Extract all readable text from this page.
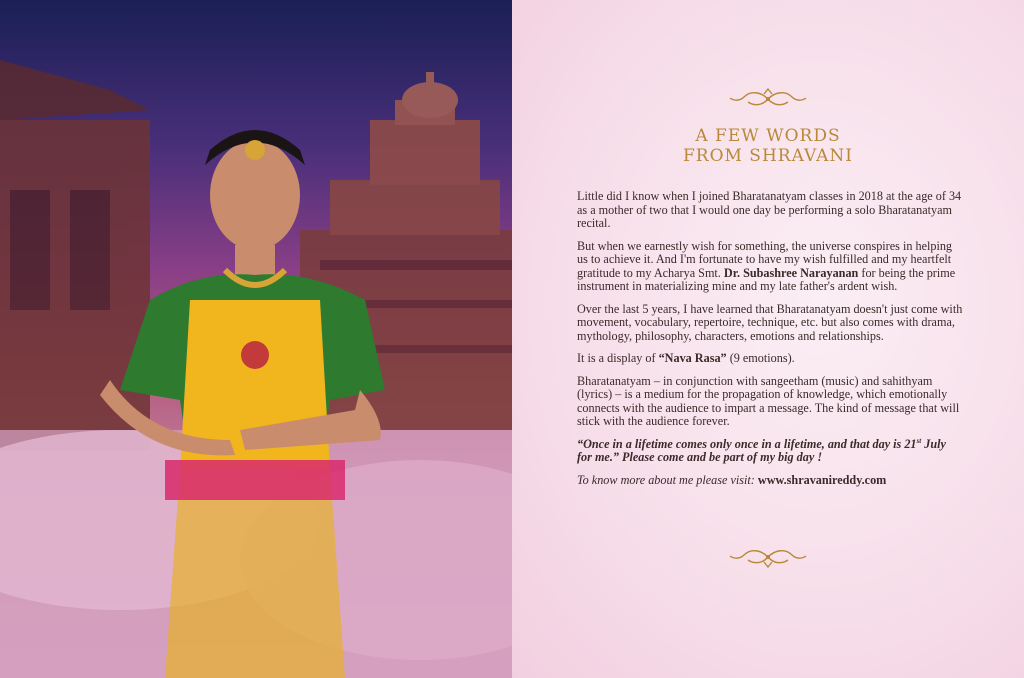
A FEW WORDS
FROM SHRAVANI

Little did I know when I joined Bharatanatyam classes in 2018 at the age of 34 as a mother of two that I would one day be performing a solo Bharatanatyam recital.

But when we earnestly wish for something, the universe conspires in helping us to achieve it. And I'm fortunate to have my wish fulfilled and my heartfelt gratitude to my Acharya Smt. Dr. Subashree Narayanan for being the prime instrument in materializing mine and my late father's ardent wish.

Over the last 5 years, I have learned that Bharatanatyam doesn't just come with movement, vocabulary, repertoire, technique, etc. but also comes with drama, mythology, philosophy, characters, emotions and relationships.

It is a display of “Nava Rasa” (9 emotions).

Bharatanatyam – in conjunction with sangeetham (music) and sahithyam (lyrics) – is a medium for the propagation of knowledge, which emotionally connects with the audience to impart a message. The kind of message that will stick with the audience forever.

“Once in a lifetime comes only once in a lifetime, and that day is 21st July for me.” Please come and be part of my big day !

To know more about me please visit: www.shravanireddy.com
